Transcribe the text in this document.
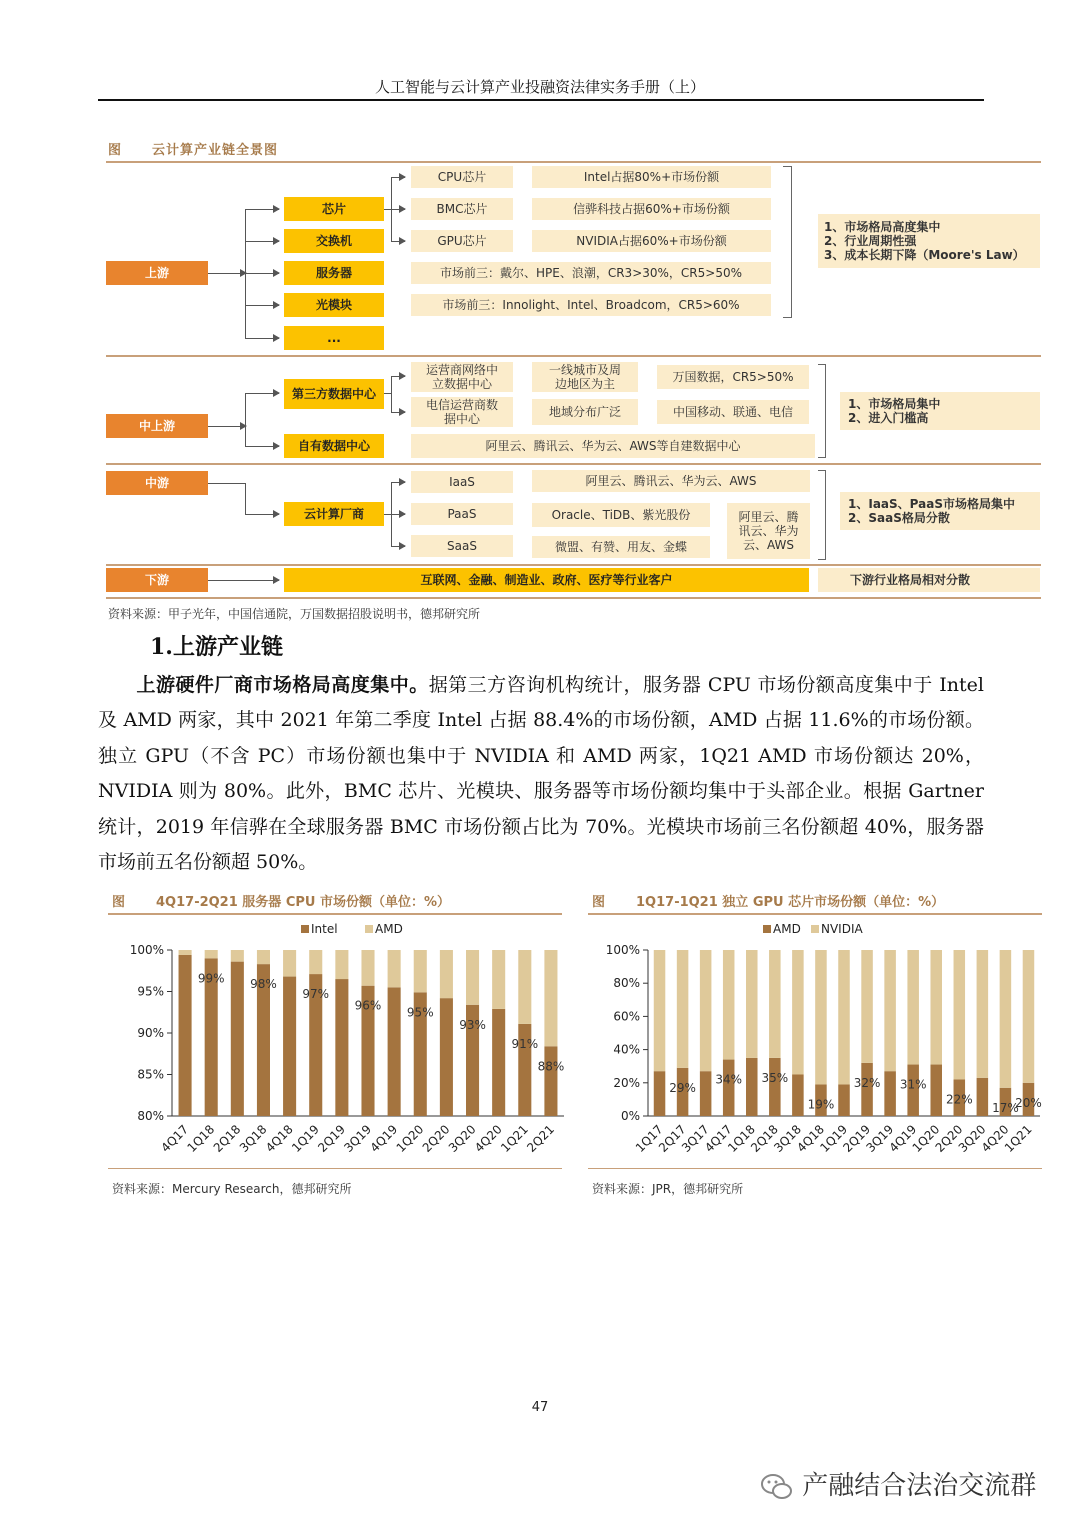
人工智能与云计算产业投融资法律实务手册（上）
图 云计算产业链全景图
上游
芯片
交换机
服务器
光模块
...
CPU芯片
BMC芯片
GPU芯片
Intel占据80%+市场份额
信骅科技占据60%+市场份额
NVIDIA占据60%+市场份额
市场前三：戴尔、HPE、浪潮，CR3>30%，CR5>50%
市场前三：Innolight、Intel、Broadcom，CR5>60%
1、市场格局高度集中
2、行业周期性强
3、成本长期下降（Moore's Law）
中上游
第三方数据中心
自有数据中心
运营商网络中立数据中心
电信运营商数据中心
一线城市及周边地区为主
地域分布广泛
万国数据，CR5>50%
中国移动、联通、电信
阿里云、腾讯云、华为云、AWS等自建数据中心
1、市场格局集中
2、进入门槛高
中游
云计算厂商
IaaS
PaaS
SaaS
阿里云、腾讯云、华为云、AWS
Oracle、TiDB、紫光股份
微盟、有赞、用友、金蝶
阿里云、腾讯云、华为云、AWS
1、IaaS、PaaS市场格局集中
2、SaaS格局分散
下游	互联网、金融、制造业、政府、医疗等行业客户	下游行业格局相对分散
资料来源：甲子光年，中国信通院，万国数据招股说明书，德邦研究所
1.上游产业链
上游硬件厂商市场格局高度集中。据第三方咨询机构统计，服务器 CPU 市场份额高度集中于 Intel 及 AMD 两家，其中 2021 年第二季度 Intel 占据 88.4%的市场份额，AMD 占据 11.6%的市场份额。独立 GPU（不含 PC）市场份额也集中于 NVIDIA 和 AMD 两家，1Q21 AMD 市场份额达 20%，NVIDIA 则为 80%。此外，BMC 芯片、光模块、服务器等市场份额均集中于头部企业。根据 Gartner 统计，2019 年信骅在全球服务器 BMC 市场份额占比为 70%。光模块市场前三名份额超 40%，服务器市场前五名份额超 50%。
图 4Q17-2Q21 服务器 CPU 市场份额（单位：%）
Intel	AMD
80%
85%
90%
95%
100%
4Q17
99%
1Q18
2Q18
98%
3Q18
4Q18
97%
1Q19
2Q19
96%
3Q19
4Q19
95%
1Q20
2Q20
93%
3Q20
4Q20
91%
1Q21
88%
2Q21
资料来源：Mercury Research，德邦研究所
图 1Q17-1Q21 独立 GPU 芯片市场份额（单位：%）
AMD NVIDIA
0%
20%
40%
60%
80%
100%
1Q17
29%
2Q17
3Q17
34%
4Q17
1Q18
35%
2Q18
3Q18
19%
4Q18
1Q19
32%
2Q19
3Q19
31%
4Q19
1Q20
22%
2Q20
3Q20
17%
4Q20
20%
1Q21
资料来源：JPR，德邦研究所
47
产融结合法治交流群
